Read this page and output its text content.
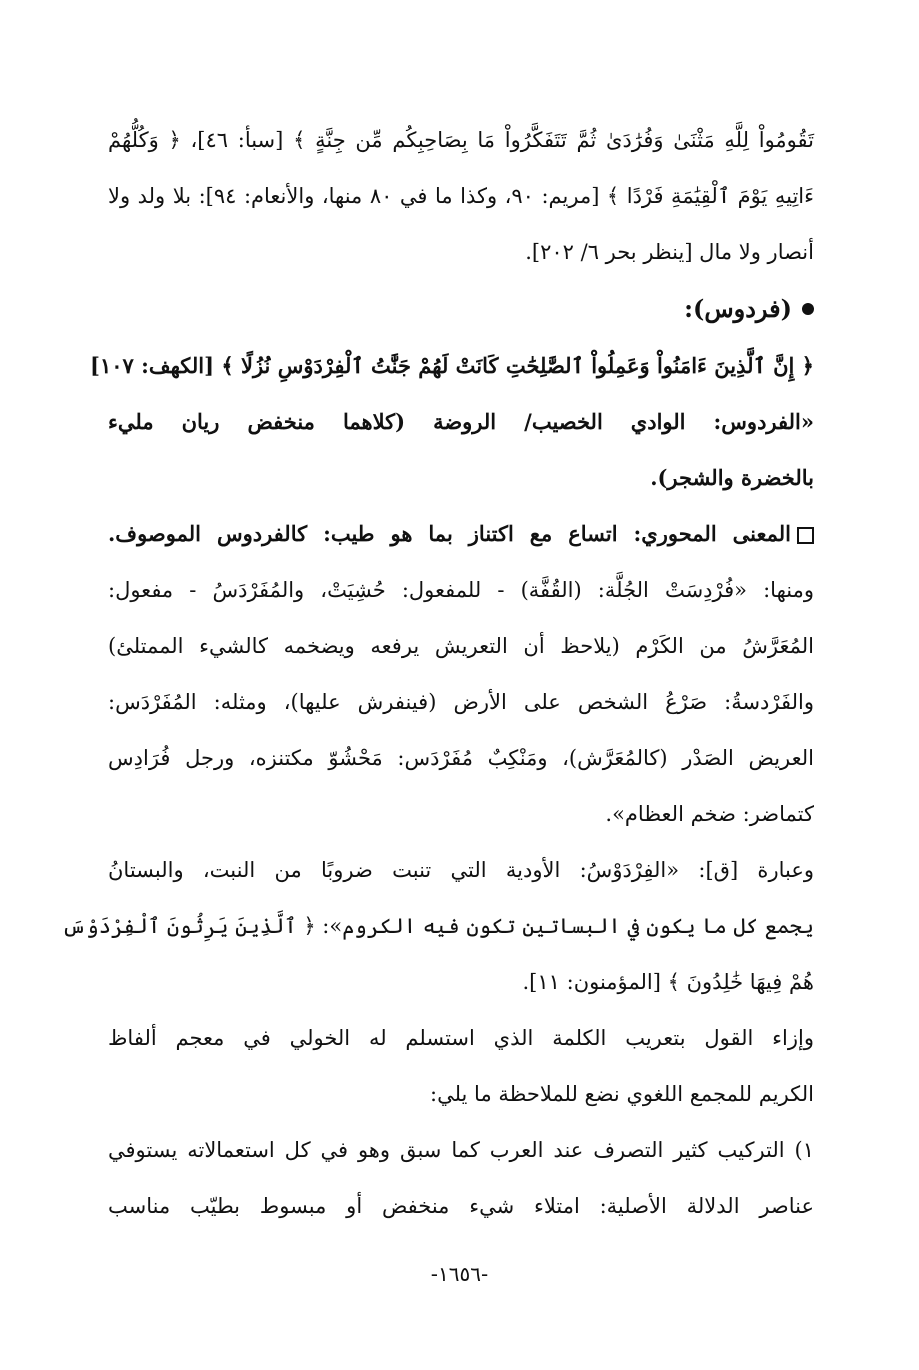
تَقُومُواْ لِلَّهِ مَثْنَىٰ وَفُرَٰدَىٰ ثُمَّ تَتَفَكَّرُواْ مَا بِصَاحِبِكُم مِّن جِنَّةٍ ﴾ [سبأ: ٤٦]، ﴿ وَكُلُّهُمْ
ءَاتِيهِ يَوْمَ ٱلْقِيَٰمَةِ فَرْدًا ﴾ [مريم: ٩٠، وكذا ما في ٨٠ منها، والأنعام: ٩٤]: بلا ولد ولا
أنصار ولا مال [ينظر بحر ٦/ ٢٠٢].
(فردوس):
﴿ إِنَّ ٱلَّذِينَ ءَامَنُواْ وَعَمِلُواْ ٱلصَّٰلِحَٰتِ كَانَتْ لَهُمْ جَنَّٰتُ ٱلْفِرْدَوْسِ نُزُلًا ﴾ [الكهف: ١٠٧]
«الفردوس: الوادي الخصيب/ الروضة (كلاهما منخفض ريان مليء
بالخضرة والشجر).
المعنى المحوري: اتساع مع اكتناز بما هو طيب: كالفردوس الموصوف.
ومنها: «فُرْدِسَتْ الجُلَّة: (القُفَّة) - للمفعول: حُشِيَتْ، والمُفَرْدَسُ - مفعول:
المُعَرَّشُ من الكَرْم (يلاحظ أن التعريش يرفعه ويضخمه كالشيء الممتلئ)
والفَرْدسةُ: صَرْعُ الشخص على الأرض (فينفرش عليها)، ومثله: المُفَرْدَس:
العريض الصَدْر (كالمُعَرَّش)، ومَنْكِبٌ مُفَرْدَس: مَحْشُوّ مكتنزه، ورجل فُرَادِس
كتماضر: ضخم العظام».
وعبارة [ق]: «الفِرْدَوْسُ: الأودية التي تنبت ضروبًا من النبت، والبستانُ
يجمع كل ما يكون في البساتين تكون فيه الكروم»: ﴿ ٱلَّذِينَ يَرِثُونَ ٱلْفِرْدَوْسَ
هُمْ فِيهَا خَٰلِدُونَ ﴾ [المؤمنون: ١١].
وإزاء القول بتعريب الكلمة الذي استسلم له الخولي في معجم ألفاظ
الكريم للمجمع اللغوي نضع للملاحظة ما يلي:
١) التركيب كثير التصرف عند العرب كما سبق وهو في كل استعمالاته يستوفي
عناصر الدلالة الأصلية: امتلاء شيء منخفض أو مبسوط بطيّب مناسب
-١٦٥٦-
